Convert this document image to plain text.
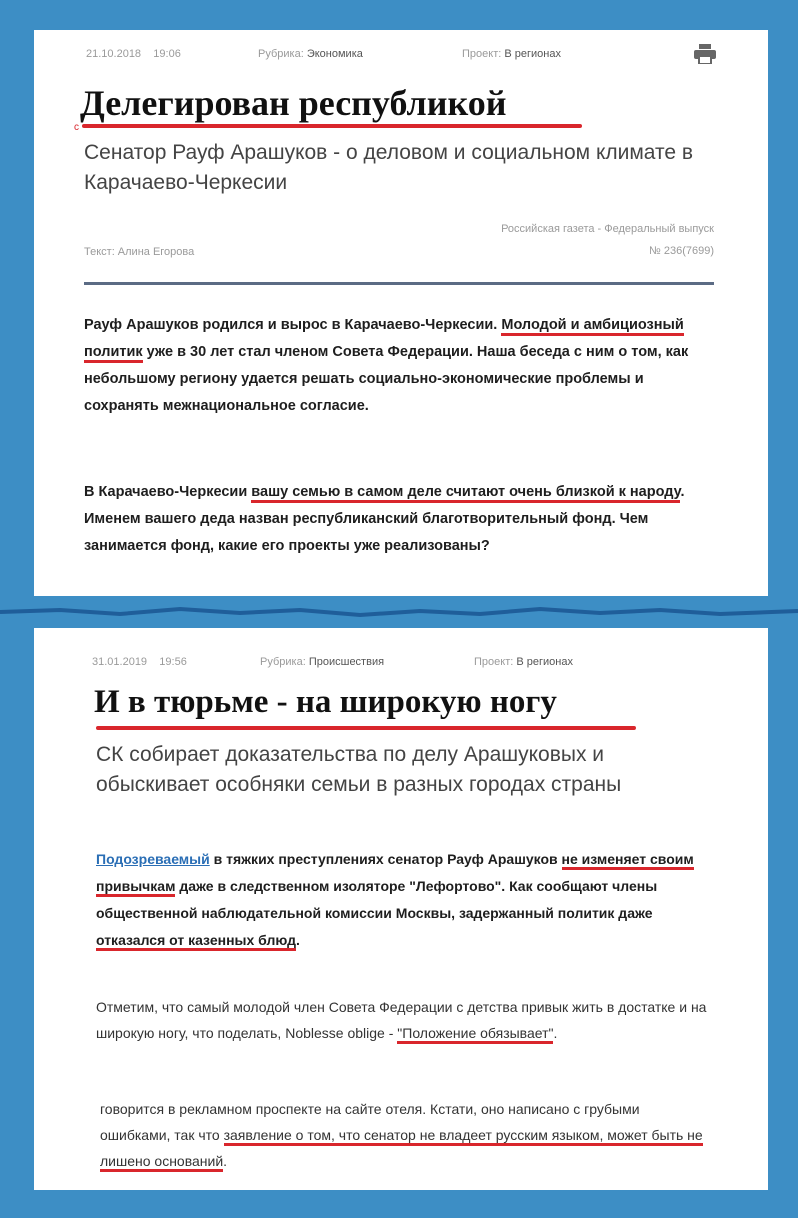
21.10.2018 19:06	Рубрика: Экономика	Проект: В регионах
с
Делегирован республикой
Сенатор Рауф Арашуков - о деловом и социальном климате в Карачаево-Черкесии
Текст: Алина Егорова
Российская газета - Федеральный выпуск
№ 236(7699)
Рауф Арашуков родился и вырос в Карачаево-Черкесии. Молодой и амбициозный политик уже в 30 лет стал членом Совета Федерации. Наша беседа с ним о том, как небольшому региону удается решать социально-экономические проблемы и сохранять межнациональное согласие.
В Карачаево-Черкесии вашу семью в самом деле считают очень близкой к народу. Именем вашего деда назван республиканский благотворительный фонд. Чем занимается фонд, какие его проекты уже реализованы?
31.01.2019 19:56	Рубрика: Происшествия	Проект: В регионах
И в тюрьме - на широкую ногу
СК собирает доказательства по делу Арашуковых и обыскивает особняки семьи в разных городах страны
Подозреваемый в тяжких преступлениях сенатор Рауф Арашуков не изменяет своим привычкам даже в следственном изоляторе "Лефортово". Как сообщают члены общественной наблюдательной комиссии Москвы, задержанный политик даже отказался от казенных блюд.
Отметим, что самый молодой член Совета Федерации с детства привык жить в достатке и на широкую ногу, что поделать, Noblesse oblige - "Положение обязывает".
говорится в рекламном проспекте на сайте отеля. Кстати, оно написано с грубыми ошибками, так что заявление о том, что сенатор не владеет русским языком, может быть не лишено оснований.
